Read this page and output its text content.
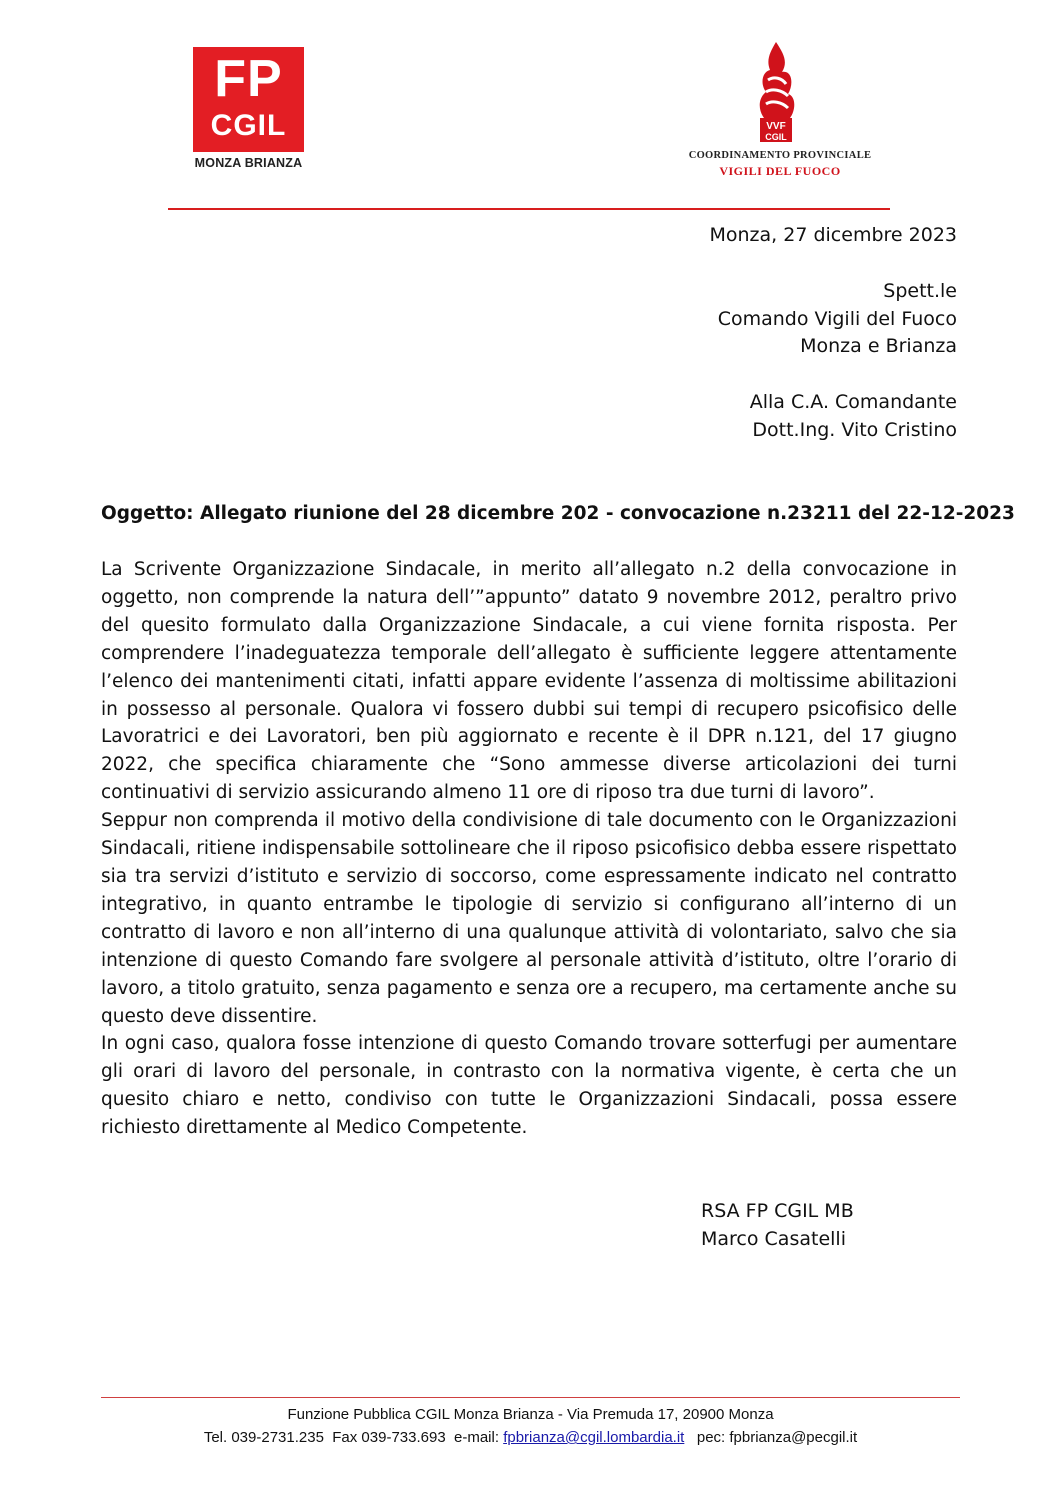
FP
CGIL
MONZA BRIANZA
VVF
CGIL
COORDINAMENTO PROVINCIALE
VIGILI DEL FUOCO
Monza, 27 dicembre 2023
Spett.le
Comando Vigili del Fuoco
Monza e Brianza
Alla C.A. Comandante
Dott.Ing. Vito Cristino
Oggetto: Allegato riunione del 28 dicembre 202 - convocazione n.23211 del 22-12-2023

La Scrivente Organizzazione Sindacale, in merito all’allegato n.2 della convocazione in oggetto, non comprende la natura dell’”appunto” datato 9 novembre 2012, peraltro privo del quesito formulato dalla Organizzazione Sindacale, a cui viene fornita risposta. Per comprendere l’inadeguatezza temporale dell’allegato è sufficiente leggere attentamente l’elenco dei mantenimenti citati, infatti appare evidente l’assenza di moltissime abilitazioni in possesso al personale. Qualora vi fossero dubbi sui tempi di recupero psicofisico delle Lavoratrici e dei Lavoratori, ben più aggiornato e recente è il DPR n.121, del 17 giugno 2022, che specifica chiaramente che “Sono ammesse diverse articolazioni dei turni continuativi di servizio assicurando almeno 11 ore di riposo tra due turni di lavoro”.

Seppur non comprenda il motivo della condivisione di tale documento con le Organizzazioni Sindacali, ritiene indispensabile sottolineare che il riposo psicofisico debba essere rispettato sia tra servizi d’istituto e servizio di soccorso, come espressamente indicato nel contratto integrativo, in quanto entrambe le tipologie di servizio si configurano all’interno di un contratto di lavoro e non all’interno di una qualunque attività di volontariato, salvo che sia intenzione di questo Comando fare svolgere al personale attività d’istituto, oltre l’orario di lavoro, a titolo gratuito, senza pagamento e senza ore a recupero, ma certamente anche su questo deve dissentire.

In ogni caso, qualora fosse intenzione di questo Comando trovare sotterfugi per aumentare gli orari di lavoro del personale, in contrasto con la normativa vigente, è certa che un quesito chiaro e netto, condiviso con tutte le Organizzazioni Sindacali, possa essere richiesto direttamente al Medico Competente.

RSA FP CGIL MB
Marco Casatelli
Funzione Pubblica CGIL Monza Brianza - Via Premuda 17, 20900 Monza
Tel. 039-2731.235  Fax 039-733.693  e-mail: fpbrianza@cgil.lombardia.it   pec: fpbrianza@pecgil.it
